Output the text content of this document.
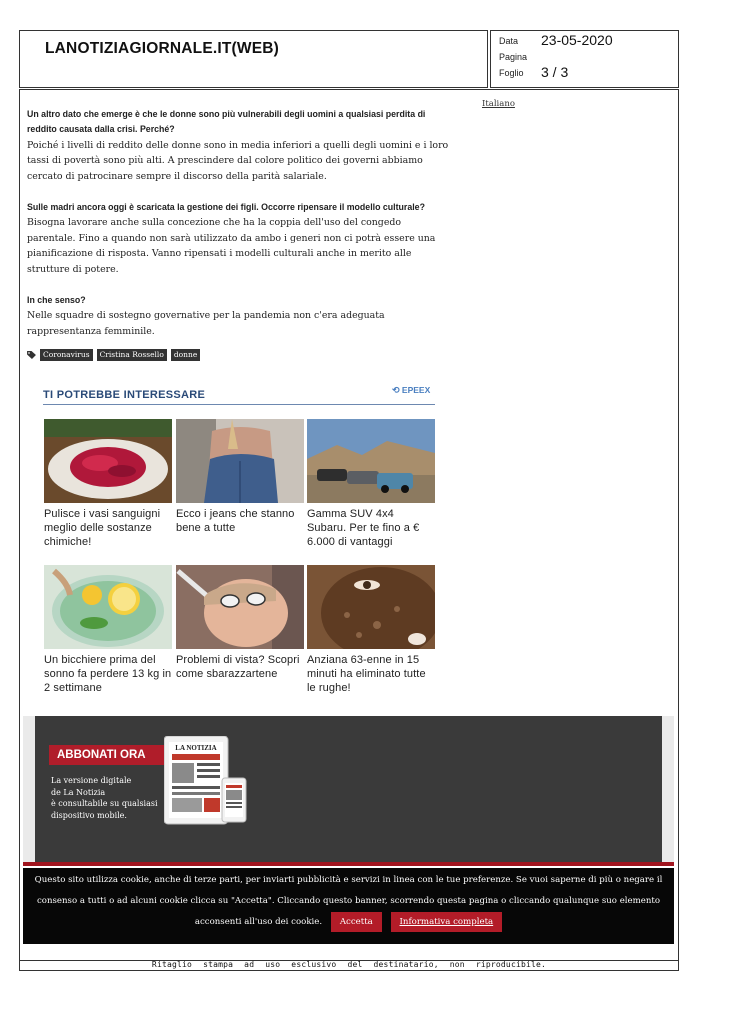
LANOTIZIAGIORNALE.IT(WEB)	Data 23-05-2020
Pagina
Foglio 3 / 3
Italiano

Un altro dato che emerge è che le donne sono più vulnerabili degli uomini a qualsiasi perdita di reddito causata dalla crisi. Perché?

Poiché i livelli di reddito delle donne sono in media inferiori a quelli degli uomini e i loro tassi di povertà sono più alti. A prescindere dal colore politico dei governi abbiamo cercato di patrocinare sempre il discorso della parità salariale.

Sulle madri ancora oggi è scaricata la gestione dei figli. Occorre ripensare il modello culturale?

Bisogna lavorare anche sulla concezione che ha la coppia dell'uso del congedo parentale. Fino a quando non sarà utilizzato da ambo i generi non ci potrà essere una pianificazione di risposta. Vanno ripensati i modelli culturali anche in merito alle strutture di potere.

In che senso?

Nelle squadre di sostegno governative per la pandemia non c'era adeguata rappresentanza femminile.

Coronavirus	Cristina Rossello	donne
TI POTREBBE INTERESSARE	⟲ EPEEX
Pulisce i vasi sanguigni meglio delle sostanze chimiche!
Ecco i jeans che stanno bene a tutte
Gamma SUV 4x4 Subaru. Per te fino a € 6.000 di vantaggi
Un bicchiere prima del sonno fa perdere 13 kg in 2 settimane
Problemi di vista? Scopri come sbarazzartene
Anziana 63-enne in 15 minuti ha eliminato tutte le rughe!
ABBONATI ORA
La versione digitale
de La Notizia
è consultabile su qualsiasi
dispositivo mobile.
LA NOTIZIA

Questo sito utilizza cookie, anche di terze parti, per inviarti pubblicità e servizi in linea con le tue preferenze. Se vuoi saperne di più o negare il consenso a tutti o ad alcuni cookie clicca su "Accetta". Cliccando questo banner, scorrendo questa pagina o cliccando qualunque suo elemento acconsenti all'uso dei cookie. Accetta	Informativa completa

Ritaglio stampa ad uso esclusivo del destinatario, non riproducibile.
